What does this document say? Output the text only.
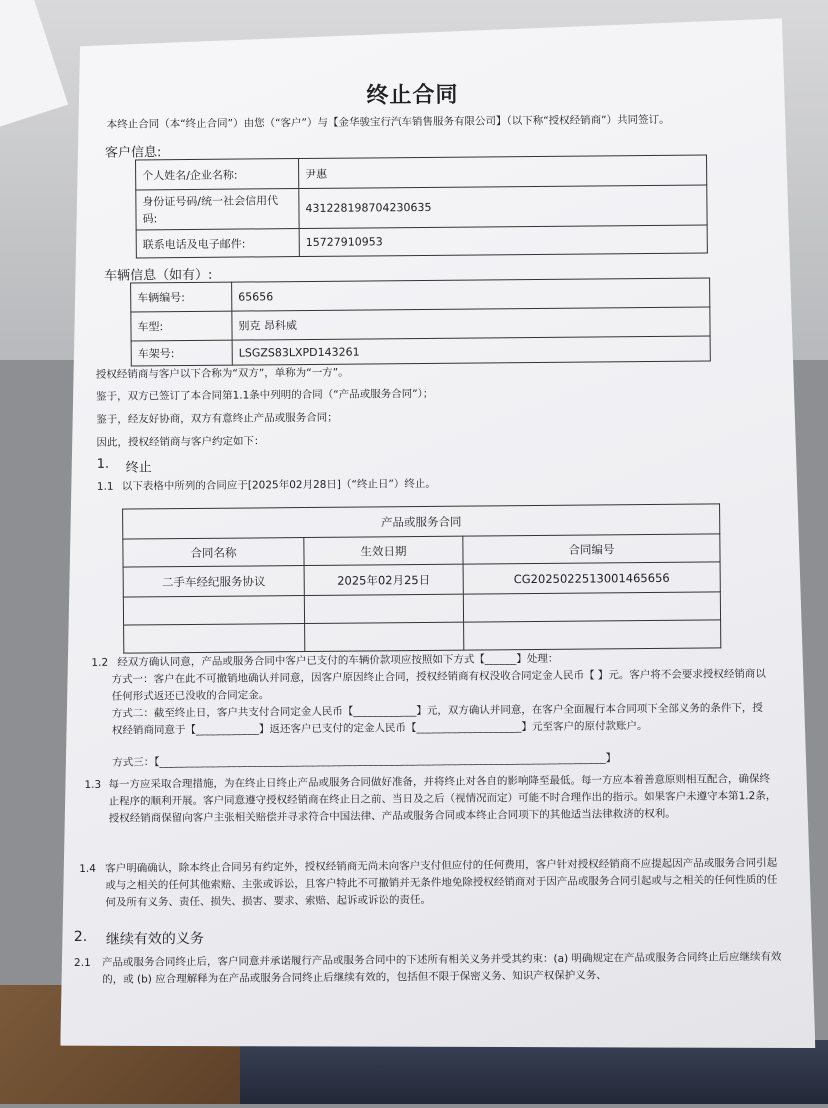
终止合同
本终止合同（本“终止合同”）由您（“客户”）与【金华骏宝行汽车销售服务有限公司】（以下称“授权经销商”）共同签订。
客户信息:
个人姓名/企业名称:	尹惠
身份证号码/统一社会信用代码:	431228198704230635
联系电话及电子邮件:	15727910953
车辆信息（如有）:
车辆编号:	65656
车型:	别克 昂科威
车架号:	LSGZS83LXPD143261
授权经销商与客户以下合称为“双方”，单称为“一方”。
鉴于，双方已签订了本合同第1.1条中列明的合同（“产品或服务合同”）；
鉴于，经友好协商，双方有意终止产品或服务合同；
因此，授权经销商与客户约定如下：
1. 终止
1.1 以下表格中所列的合同应于[2025年02月28日]（“终止日”）终止。
产品或服务合同		
合同名称	生效日期	合同编号
二手车经纪服务协议	2025年02月25日	CG2025022513001465656

1.2 经双方确认同意，产品或服务合同中客户已支付的车辆价款项应按照如下方式【______】处理：
方式一：客户在此不可撤销地确认并同意，因客户原因终止合同，授权经销商有权没收合同定金人民币【 】元。客户将不会要求授权经销商以任何形式返还已没收的合同定金。
方式二：截至终止日，客户共支付合同定金人民币【____________】元，双方确认并同意，在客户全面履行本合同项下全部义务的条件下，授权经销商同意于【____________】返还客户已支付的定金人民币【____________________】元至客户的原付款账户。
方式三：【_____________________________________________________________________________________】
1.3 每一方应采取合理措施，为在终止日终止产品或服务合同做好准备，并将终止对各自的影响降至最低。每一方应本着善意原则相互配合，确保终止程序的顺利开展。客户同意遵守授权经销商在终止日之前、当日及之后（视情况而定）可能不时合理作出的指示。如果客户未遵守本第1.2条，授权经销商保留向客户主张相关赔偿并寻求符合中国法律、产品或服务合同或本终止合同项下的其他适当法律救济的权利。
1.4 客户明确确认，除本终止合同另有约定外，授权经销商无尚未向客户支付但应付的任何费用，客户针对授权经销商不应提起因产品或服务合同引起或与之相关的任何其他索赔、主张或诉讼，且客户特此不可撤销并无条件地免除授权经销商对于因产品或服务合同引起或与之相关的任何性质的任何及所有义务、责任、损失、损害、要求、索赔、起诉或诉讼的责任。
2. 继续有效的义务
2.1	产品或服务合同终止后，客户同意并承诺履行产品或服务合同中的下述所有相关义务并受其约束：(a) 明确规定在产品或服务合同终止后应继续有效的，或 (b) 应合理解释为在产品或服务合同终止后继续有效的，包括但不限于保密义务、知识产权保护义务、
